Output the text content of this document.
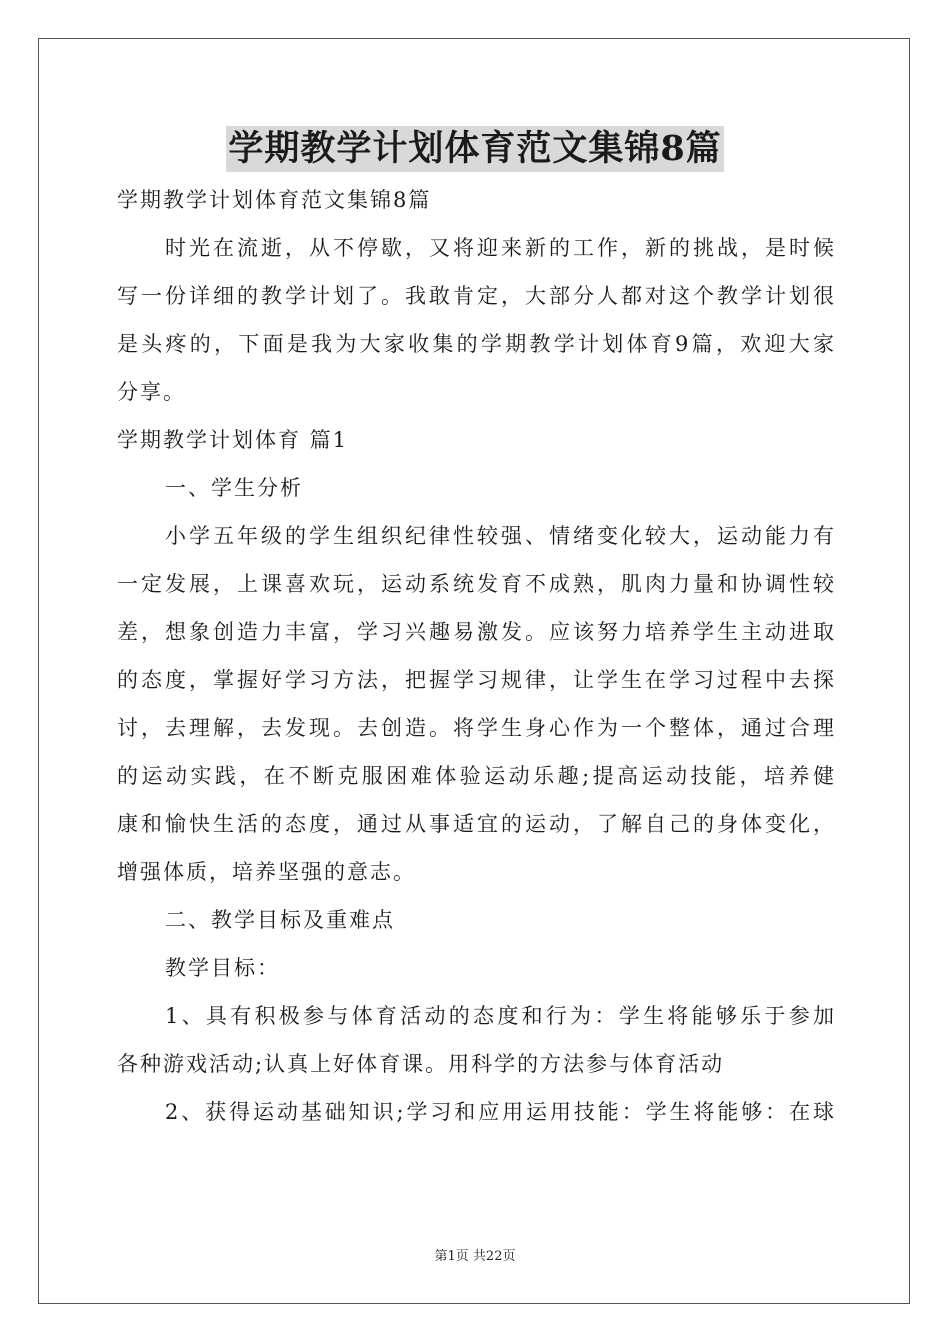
学期教学计划体育范文集锦8篇
学期教学计划体育范文集锦8篇
时光在流逝，从不停歇，又将迎来新的工作，新的挑战，是时候
写一份详细的教学计划了。我敢肯定，大部分人都对这个教学计划很
是头疼的，下面是我为大家收集的学期教学计划体育9篇，欢迎大家
分享。
学期教学计划体育 篇1
一、学生分析
小学五年级的学生组织纪律性较强、情绪变化较大，运动能力有
一定发展，上课喜欢玩，运动系统发育不成熟，肌肉力量和协调性较
差，想象创造力丰富，学习兴趣易激发。应该努力培养学生主动进取
的态度，掌握好学习方法，把握学习规律，让学生在学习过程中去探
讨，去理解，去发现。去创造。将学生身心作为一个整体，通过合理
的运动实践，在不断克服困难体验运动乐趣;提高运动技能，培养健
康和愉快生活的态度，通过从事适宜的运动，了解自己的身体变化，
增强体质，培养坚强的意志。
二、教学目标及重难点
教学目标：
1、具有积极参与体育活动的态度和行为：学生将能够乐于参加
各种游戏活动;认真上好体育课。用科学的方法参与体育活动
2、获得运动基础知识;学习和应用运用技能：学生将能够：在球
第1页 共22页
